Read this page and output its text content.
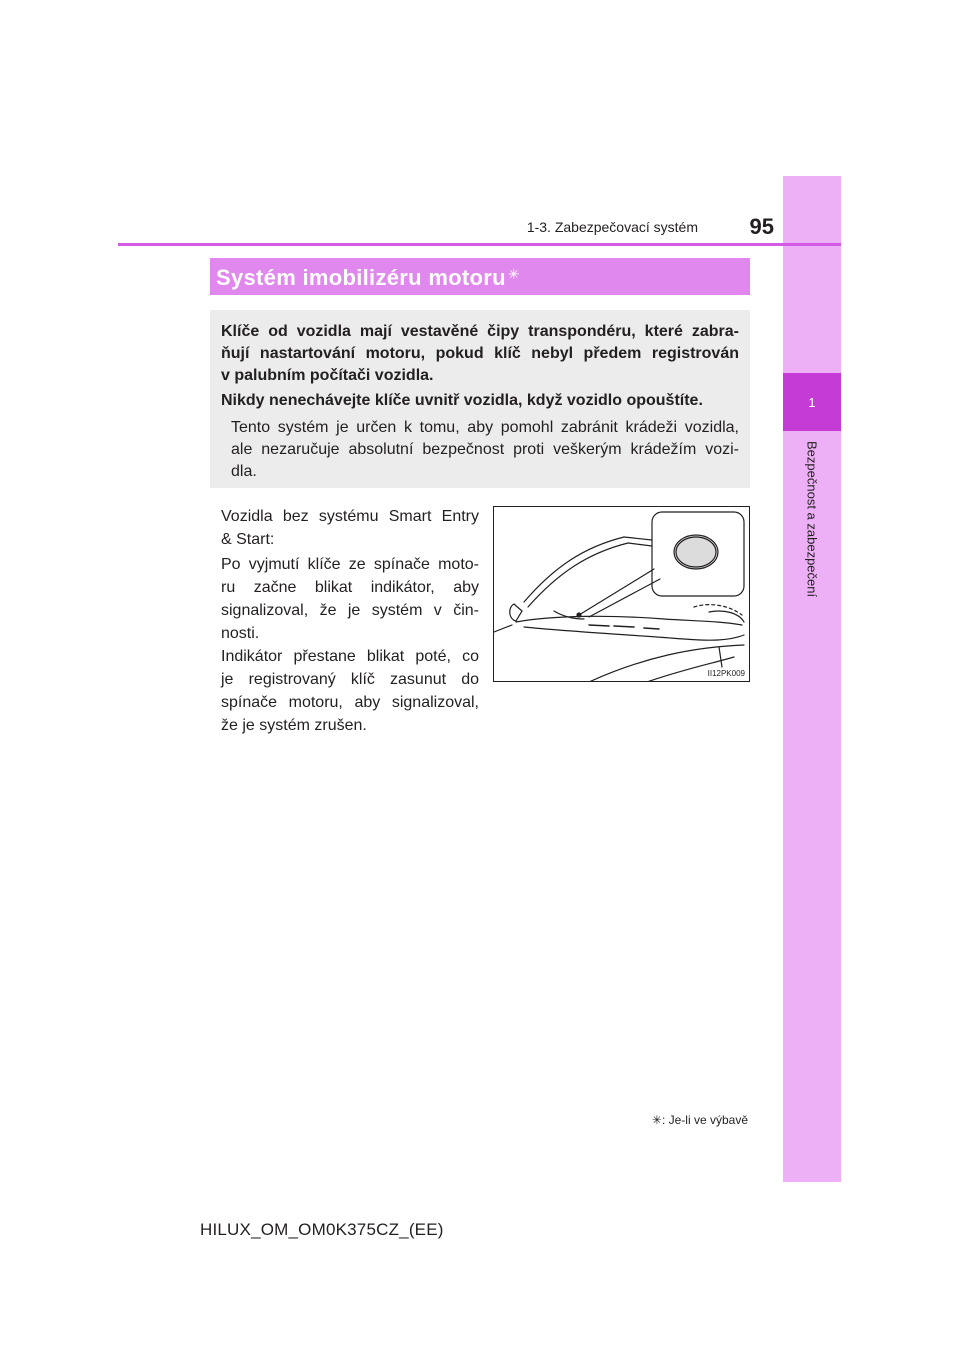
1
Bezpečnost a zabezpečení
1-3. Zabezpečovací systém	95
Systém imobilizéru motoru ✳
Klíče od vozidla mají vestavěné čipy transpondéru, které zabra-
ňují nastartování motoru, pokud klíč nebyl předem registrován
v palubním počítači vozidla.
Nikdy nenechávejte klíče uvnitř vozidla, když vozidlo opouštíte.
Tento systém je určen k tomu, aby pomohl zabránit krádeži vozidla,
ale nezaručuje absolutní bezpečnost proti veškerým krádežím vozi-
dla.
Vozidla bez systému Smart Entry
& Start:
Po vyjmutí klíče ze spínače moto-
ru začne blikat indikátor, aby
signalizoval, že je systém v čin-
nosti.
Indikátor přestane blikat poté, co
je registrovaný klíč zasunut do
spínače motoru, aby signalizoval,
že je systém zrušen.
II12PK009
✳: Je-li ve výbavě
HILUX_OM_OM0K375CZ_(EE)
